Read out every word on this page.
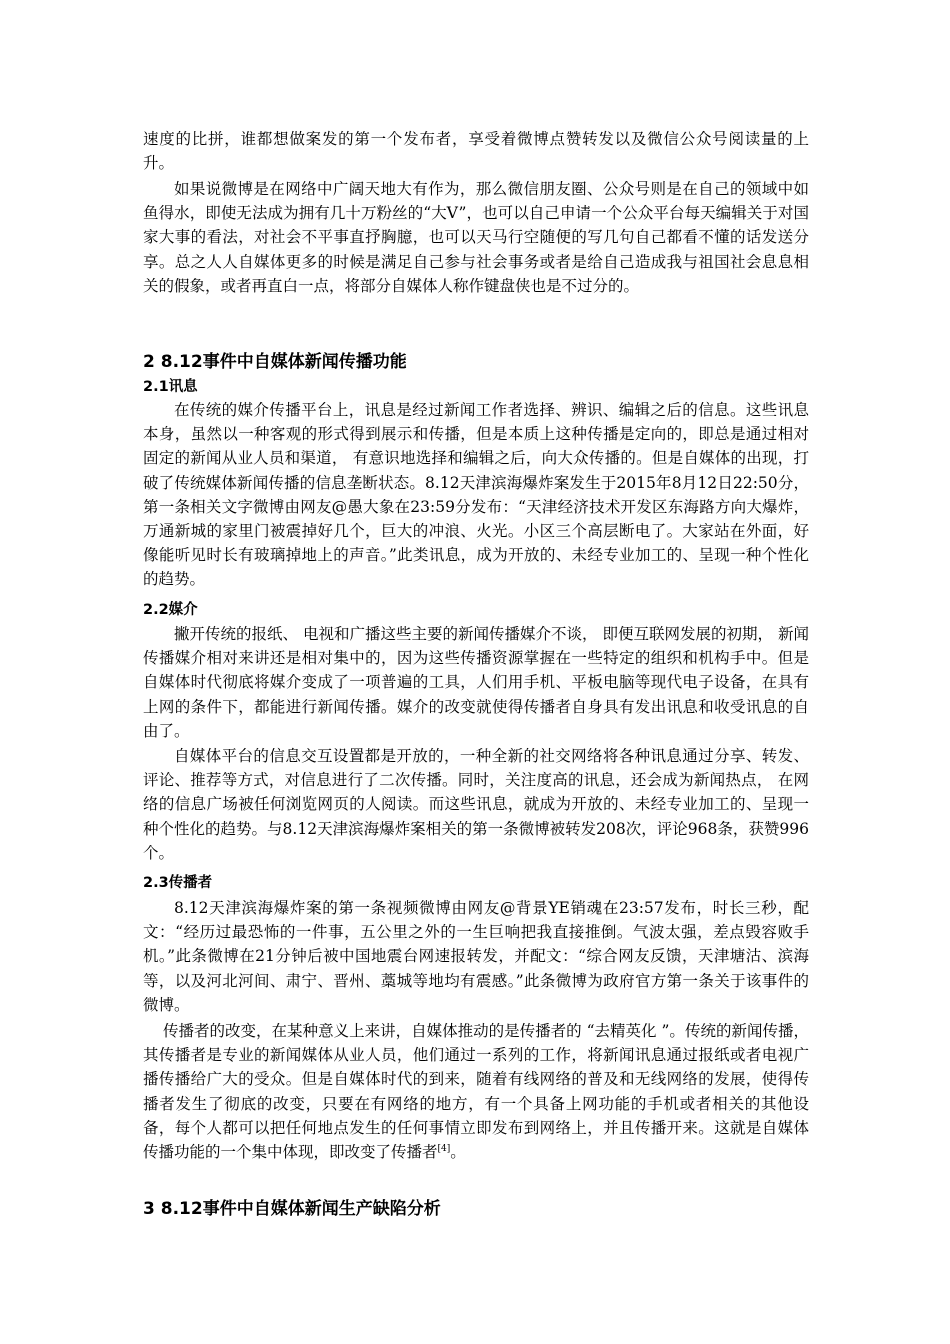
速度的比拼，谁都想做案发的第一个发布者，享受着微博点赞转发以及微信公众号阅读量的上升。

如果说微博是在网络中广阔天地大有作为，那么微信朋友圈、公众号则是在自己的领域中如鱼得水，即使无法成为拥有几十万粉丝的“大V”，也可以自己申请一个公众平台每天编辑关于对国家大事的看法，对社会不平事直抒胸臆，也可以天马行空随便的写几句自己都看不懂的话发送分享。总之人人自媒体更多的时候是满足自己参与社会事务或者是给自己造成我与祖国社会息息相关的假象，或者再直白一点，将部分自媒体人称作键盘侠也是不过分的。

2 8.12事件中自媒体新闻传播功能
2.1讯息

在传统的媒介传播平台上，讯息是经过新闻工作者选择、辨识、编辑之后的信息。这些讯息本身，虽然以一种客观的形式得到展示和传播，但是本质上这种传播是定向的，即总是通过相对固定的新闻从业人员和渠道， 有意识地选择和编辑之后，向大众传播的。但是自媒体的出现，打破了传统媒体新闻传播的信息垄断状态。8.12天津滨海爆炸案发生于2015年8月12日22:50分，第一条相关文字微博由网友@愚大象在23:59分发布：“天津经济技术开发区东海路方向大爆炸，万通新城的家里门被震掉好几个，巨大的冲浪、火光。小区三个高层断电了。大家站在外面，好像能听见时长有玻璃掉地上的声音。”此类讯息，成为开放的、未经专业加工的、呈现一种个性化的趋势。

2.2媒介

撇开传统的报纸、 电视和广播这些主要的新闻传播媒介不谈， 即便互联网发展的初期， 新闻传播媒介相对来讲还是相对集中的，因为这些传播资源掌握在一些特定的组织和机构手中。但是自媒体时代彻底将媒介变成了一项普遍的工具，人们用手机、平板电脑等现代电子设备，在具有上网的条件下，都能进行新闻传播。媒介的改变就使得传播者自身具有发出讯息和收受讯息的自由了。

自媒体平台的信息交互设置都是开放的，一种全新的社交网络将各种讯息通过分享、转发、评论、推荐等方式，对信息进行了二次传播。同时，关注度高的讯息，还会成为新闻热点， 在网络的信息广场被任何浏览网页的人阅读。而这些讯息，就成为开放的、未经专业加工的、呈现一种个性化的趋势。与8.12天津滨海爆炸案相关的第一条微博被转发208次，评论968条，获赞996个。

2.3传播者

8.12天津滨海爆炸案的第一条视频微博由网友@背景YE销魂在23:57发布，时长三秒，配文：“经历过最恐怖的一件事，五公里之外的一生巨响把我直接推倒。气波太强，差点毁容败手机。”此条微博在21分钟后被中国地震台网速报转发，并配文：“综合网友反馈，天津塘沽、滨海等，以及河北河间、肃宁、晋州、藁城等地均有震感。”此条微博为政府官方第一条关于该事件的微博。

传播者的改变，在某种意义上来讲，自媒体推动的是传播者的 “去精英化 ”。传统的新闻传播，其传播者是专业的新闻媒体从业人员，他们通过一系列的工作，将新闻讯息通过报纸或者电视广播传播给广大的受众。但是自媒体时代的到来，随着有线网络的普及和无线网络的发展，使得传播者发生了彻底的改变，只要在有网络的地方，有一个具备上网功能的手机或者相关的其他设备，每个人都可以把任何地点发生的任何事情立即发布到网络上，并且传播开来。这就是自媒体传播功能的一个集中体现，即改变了传播者[4]。

3 8.12事件中自媒体新闻生产缺陷分析
